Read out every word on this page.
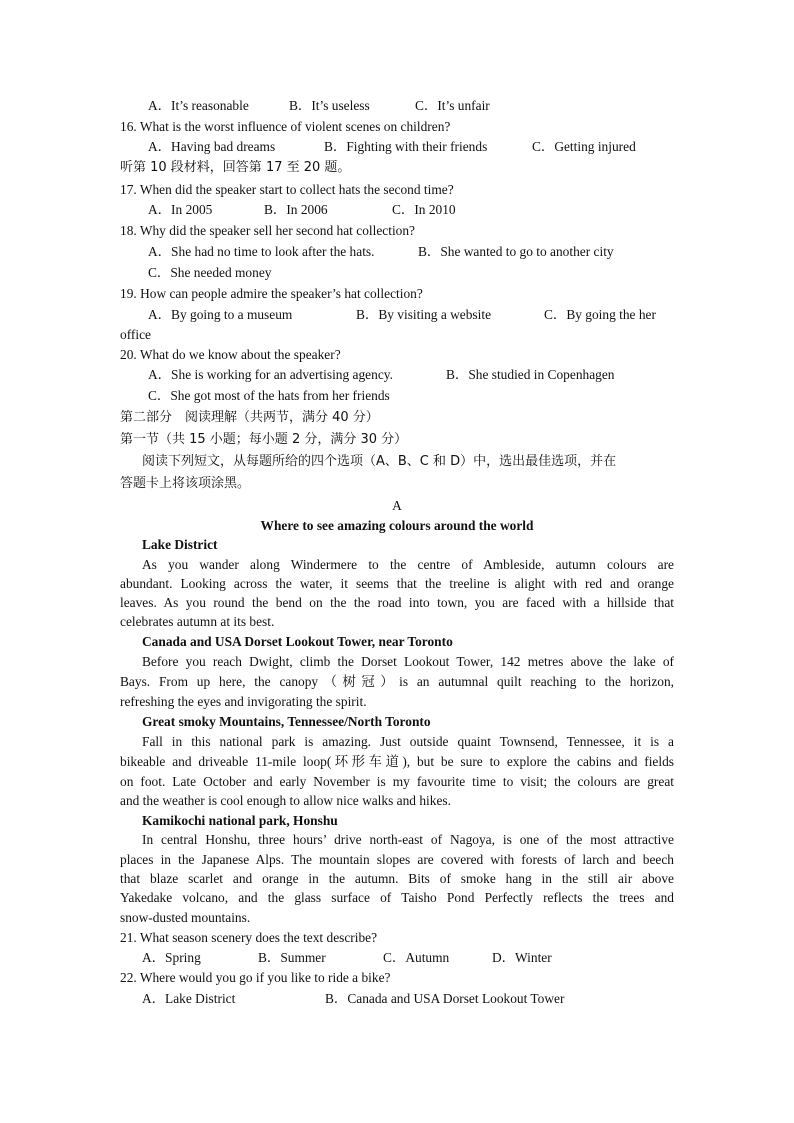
A．It’s reasonable	B．It’s useless	C．It’s unfair
16. What is the worst influence of violent scenes on children?
A．Having bad dreams	B．Fighting with their friends	C．Getting injured
听第 10 段材料，回答第 17 至 20 题。
17. When did the speaker start to collect hats the second time?
A．In 2005	B．In 2006	C．In 2010
18. Why did the speaker sell her second hat collection?
A．She had no time to look after the hats.	B．She wanted to go to another city
C．She needed money
19. How can people admire the speaker’s hat collection?
A．By going to a museum	B．By visiting a website	C．By going the her
office
20. What do we know about the speaker?
A．She is working for an advertising agency.	B．She studied in Copenhagen
C．She got most of the hats from her friends
第二部分　阅读理解（共两节，满分 40 分）
第一节（共 15 小题；每小题 2 分，满分 30 分）
阅读下列短文，从每题所给的四个选项（A、B、C 和 D）中，选出最佳选项，并在
答题卡上将该项涂黑。
A
Where to see amazing colours around the world
Lake District
As you wander along Windermere to the centre of Ambleside, autumn colours are
abundant. Looking across the water, it seems that the treeline is alight with red and orange
leaves. As you round the bend on the the road into town, you are faced with a hillside that
celebrates autumn at its best.
Canada and USA Dorset Lookout Tower, near Toronto
Before you reach Dwight, climb the Dorset Lookout Tower, 142 metres above the lake of
Bays. From up here, the canopy（树冠）is an autumnal quilt reaching to the horizon,
refreshing the eyes and invigorating the spirit.
Great smoky Mountains, Tennessee/North Toronto
Fall in this national park is amazing. Just outside quaint Townsend, Tennessee, it is a
bikeable and driveable 11-mile loop(环形车道), but be sure to explore the cabins and fields
on foot. Late October and early November is my favourite time to visit; the colours are great
and the weather is cool enough to allow nice walks and hikes.
Kamikochi national park, Honshu
In central Honshu, three hours’ drive north-east of Nagoya, is one of the most attractive
places in the Japanese Alps. The mountain slopes are covered with forests of larch and beech
that blaze scarlet and orange in the autumn. Bits of smoke hang in the still air above
Yakedake volcano, and the glass surface of Taisho Pond Perfectly reflects the trees and
snow-dusted mountains.
21. What season scenery does the text describe?
A．Spring	B．Summer	C．Autumn	D．Winter
22. Where would you go if you like to ride a bike?
A．Lake District	B．Canada and USA Dorset Lookout Tower
